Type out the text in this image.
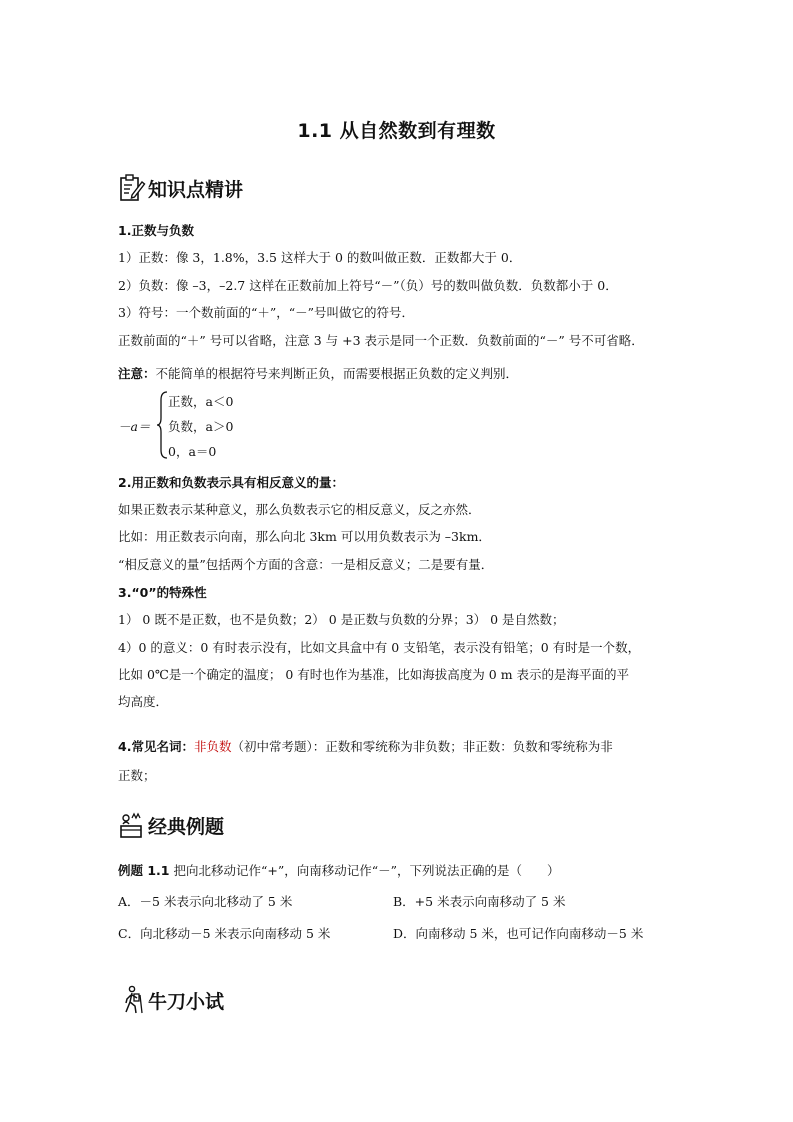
1.1 从自然数到有理数
知识点精讲
1.正数与负数
1）正数：像 3，1.8%，3.5 这样大于 0 的数叫做正数．正数都大于 0．
2）负数：像 –3，–2.7 这样在正数前加上符号“－”（负）号的数叫做负数．负数都小于 0．
3）符号：一个数前面的“＋”，“－”号叫做它的符号．
正数前面的“＋” 号可以省略，注意 3 与 +3 表示是同一个正数．负数前面的“－” 号不可省略．
注意：不能简单的根据符号来判断正负，而需要根据正负数的定义判别．
－a＝
正数，a＜0
负数，a＞0
0，a＝0
2.用正数和负数表示具有相反意义的量：
如果正数表示某种意义，那么负数表示它的相反意义，反之亦然．
比如：用正数表示向南，那么向北 3km 可以用负数表示为 –3km．
“相反意义的量”包括两个方面的含意：一是相反意义；二是要有量．
3.“0”的特殊性
1） 0 既不是正数，也不是负数；2） 0 是正数与负数的分界；3） 0 是自然数；
4）0 的意义：0 有时表示没有，比如文具盒中有 0 支铅笔，表示没有铅笔；0 有时是一个数，
比如 0℃是一个确定的温度； 0 有时也作为基准，比如海拔高度为 0 m 表示的是海平面的平
均高度．
4.常见名词：非负数（初中常考题）：正数和零统称为非负数；非正数：负数和零统称为非
正数；
经典例题
例题 1.1 把向北移动记作“+”，向南移动记作“－”，下列说法正确的是（　　）
A．－5 米表示向北移动了 5 米	B．+5 米表示向南移动了 5 米
C．向北移动－5 米表示向南移动 5 米	D．向南移动 5 米，也可记作向南移动－5 米
牛刀小试
